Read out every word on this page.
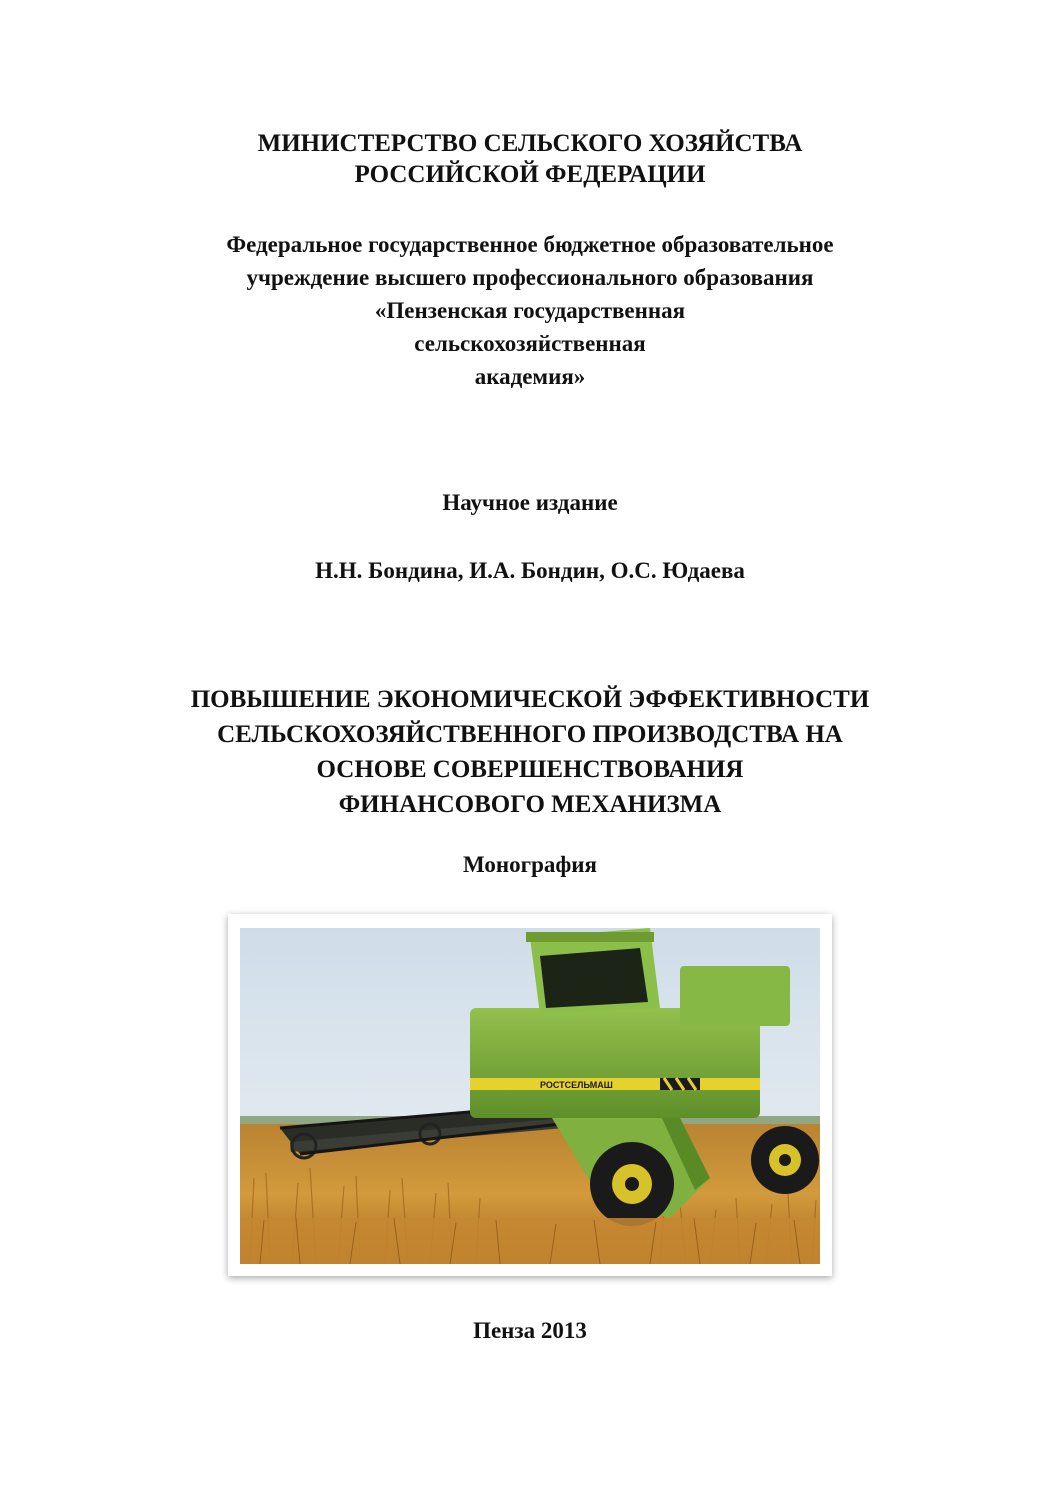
МИНИСТЕРСТВО СЕЛЬСКОГО ХОЗЯЙСТВА
РОССИЙСКОЙ ФЕДЕРАЦИИ
Федеральное государственное бюджетное образовательное
учреждение высшего профессионального образования
«Пензенская государственная
сельскохозяйственная
академия»
Научное издание
Н.Н. Бондина, И.А. Бондин, О.С. Юдаева
ПОВЫШЕНИЕ ЭКОНОМИЧЕСКОЙ ЭФФЕКТИВНОСТИ
СЕЛЬСКОХОЗЯЙСТВЕННОГО ПРОИЗВОДСТВА НА
ОСНОВЕ СОВЕРШЕНСТВОВАНИЯ
ФИНАНСОВОГО МЕХАНИЗМА
Монография
РОСТСЕЛЬМАШ
Пенза 2013
